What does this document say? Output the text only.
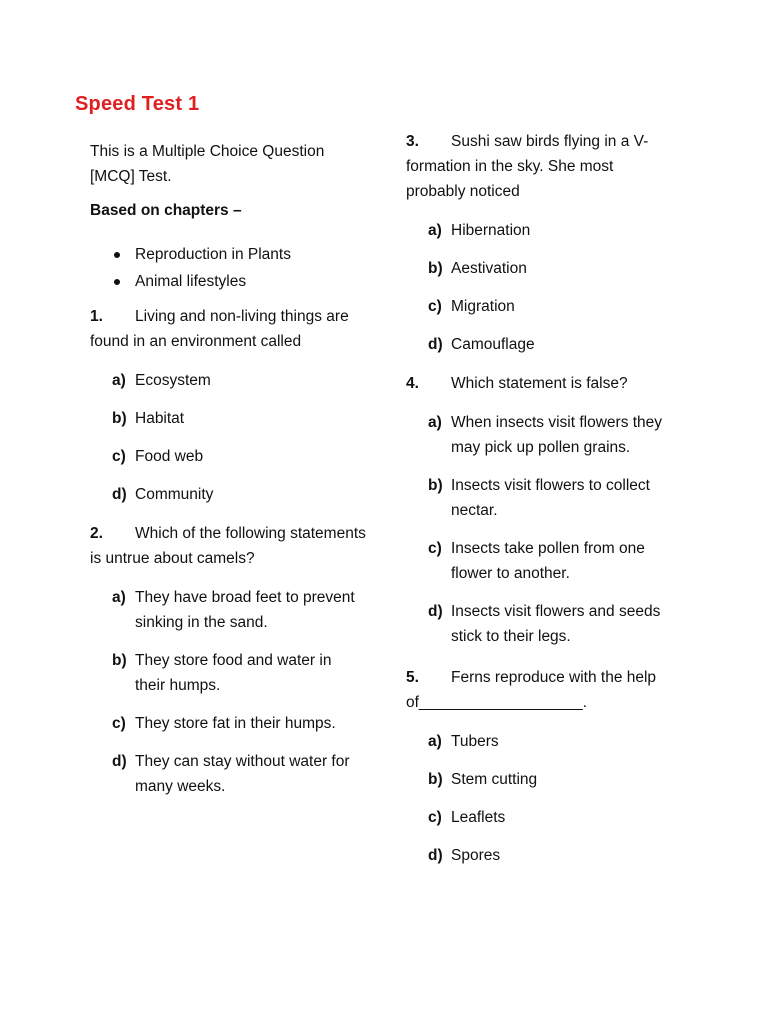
Speed Test 1
This is a Multiple Choice Question [MCQ] Test.
Based on chapters –
Reproduction in Plants
Animal lifestyles
1. Living and non-living things are found in an environment called
a) Ecosystem
b) Habitat
c) Food web
d) Community
2. Which of the following statements is untrue about camels?
a) They have broad feet to prevent sinking in the sand.
b) They store food and water in their humps.
c) They store fat in their humps.
d) They can stay without water for many weeks.
3. Sushi saw birds flying in a V-formation in the sky. She most probably noticed
a) Hibernation
b) Aestivation
c) Migration
d) Camouflage
4. Which statement is false?
a) When insects visit flowers they may pick up pollen grains.
b) Insects visit flowers to collect nectar.
c) Insects take pollen from one flower to another.
d) Insects visit flowers and seeds stick to their legs.
5. Ferns reproduce with the help of___________________.
a) Tubers
b) Stem cutting
c) Leaflets
d) Spores
